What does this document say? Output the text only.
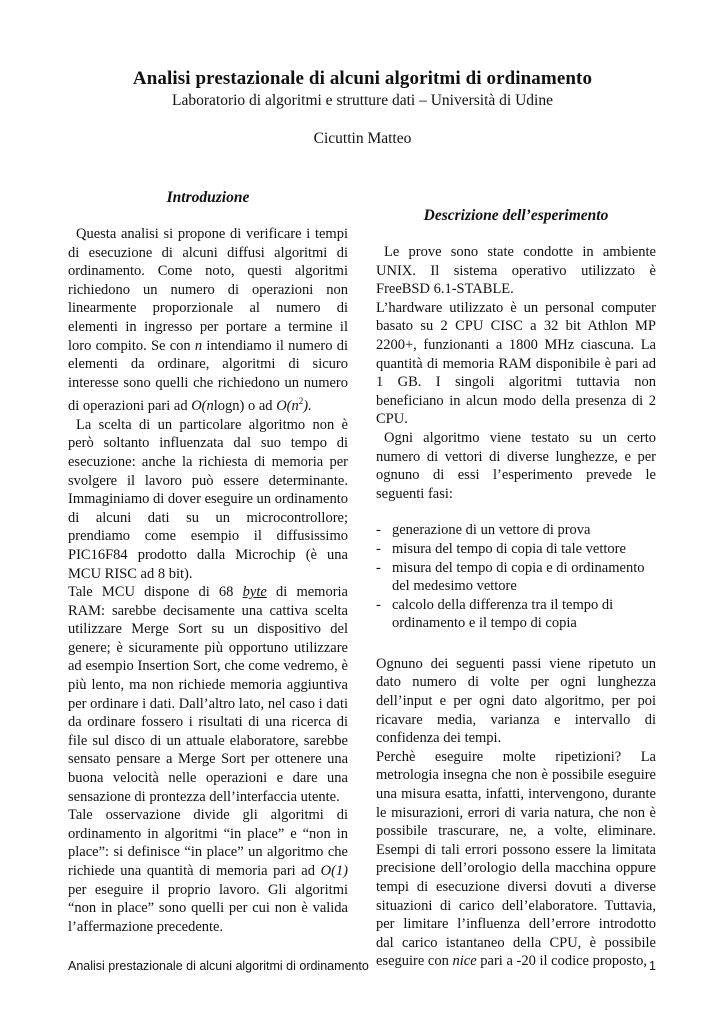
Analisi prestazionale di alcuni algoritmi di ordinamento
Laboratorio di algoritmi e strutture dati – Università di Udine
Cicuttin Matteo
Introduzione

Questa analisi si propone di verificare i tempi di esecuzione di alcuni diffusi algoritmi di ordinamento. Come noto, questi algoritmi richiedono un numero di operazioni non linearmente proporzionale al numero di elementi in ingresso per portare a termine il loro compito. Se con n intendiamo il numero di elementi da ordinare, algoritmi di sicuro interesse sono quelli che richiedono un numero di operazioni pari ad O(nlogn) o ad $O(n^2)$.

La scelta di un particolare algoritmo non è però soltanto influenzata dal suo tempo di esecuzione: anche la richiesta di memoria per svolgere il lavoro può essere determinante. Immaginiamo di dover eseguire un ordinamento di alcuni dati su un microcontrollore; prendiamo come esempio il diffusissimo PIC16F84 prodotto dalla Microchip (è una MCU RISC ad 8 bit).

Tale MCU dispone di 68 byte di memoria RAM: sarebbe decisamente una cattiva scelta utilizzare Merge Sort su un dispositivo del genere; è sicuramente più opportuno utilizzare ad esempio Insertion Sort, che come vedremo, è più lento, ma non richiede memoria aggiuntiva per ordinare i dati. Dall’altro lato, nel caso i dati da ordinare fossero i risultati di una ricerca di file sul disco di un attuale elaboratore, sarebbe sensato pensare a Merge Sort per ottenere una buona velocità nelle operazioni e dare una sensazione di prontezza dell’interfaccia utente.

Tale osservazione divide gli algoritmi di ordinamento in algoritmi “in place” e “non in place”: si definisce “in place” un algoritmo che richiede una quantità di memoria pari ad O(1) per eseguire il proprio lavoro. Gli algoritmi “non in place” sono quelli per cui non è valida l’affermazione precedente.

Descrizione dell’esperimento

Le prove sono state condotte in ambiente UNIX. Il sistema operativo utilizzato è FreeBSD 6.1-STABLE.

L’hardware utilizzato è un personal computer basato su 2 CPU CISC a 32 bit Athlon MP 2200+, funzionanti a 1800 MHz ciascuna. La quantità di memoria RAM disponibile è pari ad 1 GB. I singoli algoritmi tuttavia non beneficiano in alcun modo della presenza di 2 CPU.

Ogni algoritmo viene testato su un certo numero di vettori di diverse lunghezze, e per ognuno di essi l’esperimento prevede le seguenti fasi:

- generazione di un vettore di prova
- misura del tempo di copia di tale vettore
- misura del tempo di copia e di ordinamento del medesimo vettore
- calcolo della differenza tra il tempo di ordinamento e il tempo di copia

Ognuno dei seguenti passi viene ripetuto un dato numero di volte per ogni lunghezza dell’input e per ogni dato algoritmo, per poi ricavare media, varianza e intervallo di confidenza dei tempi.

Perchè eseguire molte ripetizioni? La metrologia insegna che non è possibile eseguire una misura esatta, infatti, intervengono, durante le misurazioni, errori di varia natura, che non è possibile trascurare, ne, a volte, eliminare. Esempi di tali errori possono essere la limitata precisione dell’orologio della macchina oppure tempi di esecuzione diversi dovuti a diverse situazioni di carico dell’elaboratore. Tuttavia, per limitare l’influenza dell’errore introdotto dal carico istantaneo della CPU, è possibile eseguire con nice pari a -20 il codice proposto,

Analisi prestazionale di alcuni algoritmi di ordinamento	1
